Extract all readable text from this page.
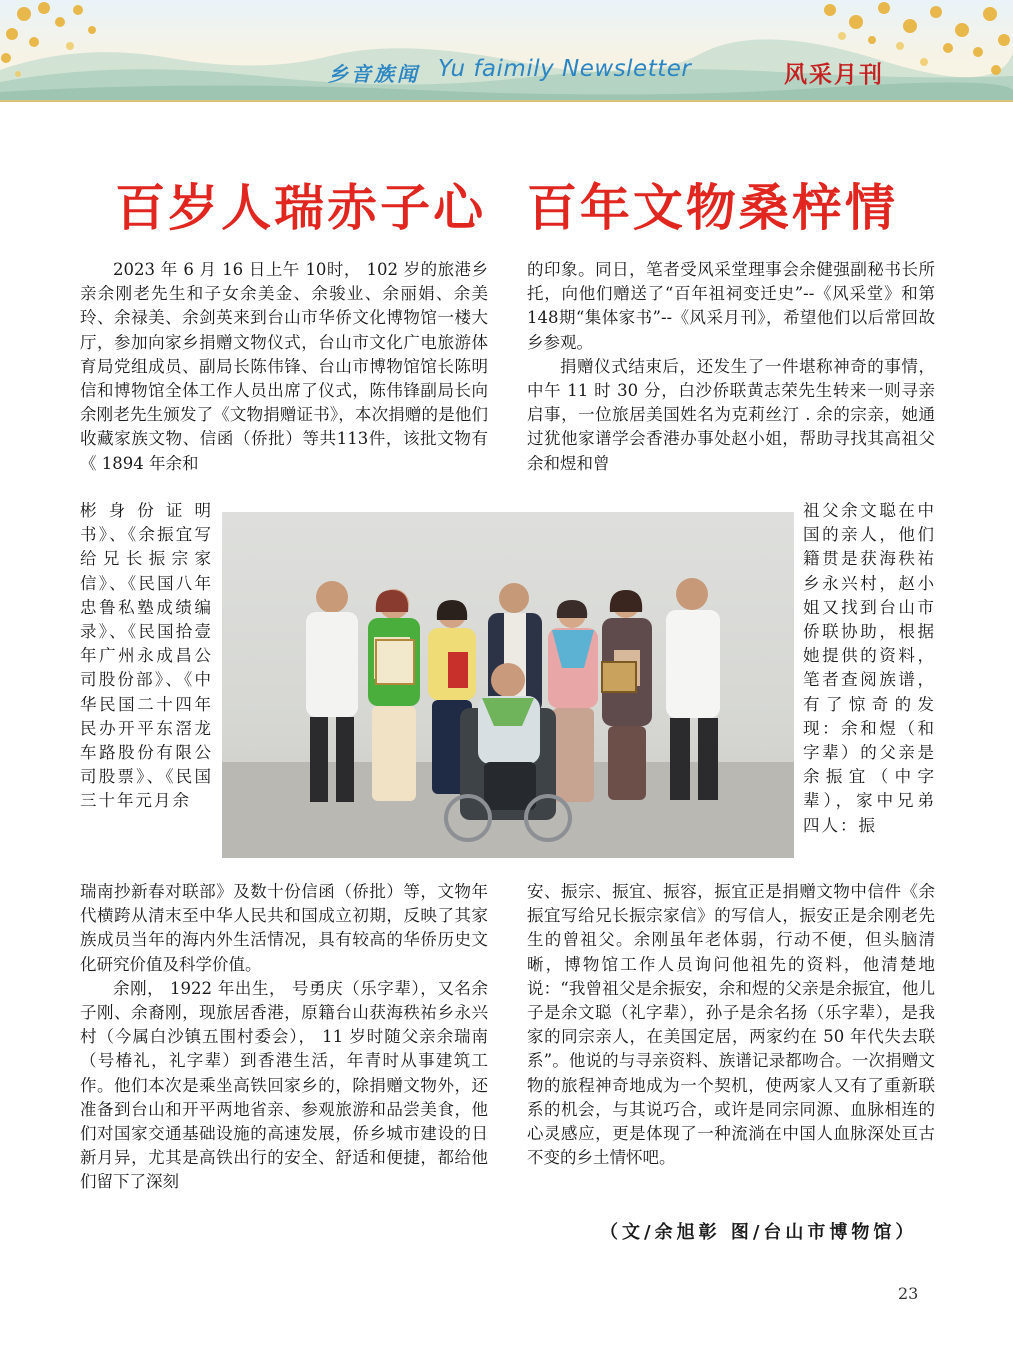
乡音族闻 Yu faimily Newsletter	风采月刊
百岁人瑞赤子心  百年文物桑梓情

2023 年 6 月 16 日上午 10时， 102 岁的旅港乡亲余刚老先生和子女余美金、余骏业、余丽娟、余美玲、余禄美、余剑英来到台山市华侨文化博物馆一楼大厅，参加向家乡捐赠文物仪式，台山市文化广电旅游体育局党组成员、副局长陈伟锋、台山市博物馆馆长陈明信和博物馆全体工作人员出席了仪式，陈伟锋副局长向余刚老先生颁发了《文物捐赠证书》，本次捐赠的是他们收藏家族文物、信函（侨批）等共113件，该批文物有《 1894 年余和

彬身份证明书》、《余振宜写给兄长振宗家信》、《民国八年忠鲁私塾成绩编录》、《民国拾壹年广州永成昌公司股份部》、《中华民国二十四年民办开平东滘龙车路股份有限公司股票》、《民国三十年元月余

瑞南抄新春对联部》及数十份信函（侨批）等，文物年代横跨从清末至中华人民共和国成立初期，反映了其家族成员当年的海内外生活情况，具有较高的华侨历史文化研究价值及科学价值。

余刚， 1922 年出生， 号勇庆（乐字辈），又名余子刚、余裔刚，现旅居香港，原籍台山获海秩祐乡永兴村（今属白沙镇五围村委会）， 11 岁时随父亲余瑞南（号椿礼，礼字辈）到香港生活，年青时从事建筑工作。他们本次是乘坐高铁回家乡的，除捐赠文物外，还准备到台山和开平两地省亲、参观旅游和品尝美食，他们对国家交通基础设施的高速发展，侨乡城市建设的日新月异，尤其是高铁出行的安全、舒适和便捷，都给他们留下了深刻

的印象。同日，笔者受风采堂理事会余健强副秘书长所托，向他们赠送了“百年祖祠变迁史”--《风采堂》和第148期“集体家书”--《风采月刊》，希望他们以后常回故乡参观。

捐赠仪式结束后，还发生了一件堪称神奇的事情，中午 11 时 30 分，白沙侨联黄志荣先生转来一则寻亲启事，一位旅居美国姓名为克莉丝汀 . 余的宗亲，她通过犹他家谱学会香港办事处赵小姐，帮助寻找其高祖父余和煜和曾

祖父余文聪在中国的亲人，他们籍贯是获海秩祐乡永兴村，赵小姐又找到台山市侨联协助，根据她提供的资料，笔者查阅族谱，有了惊奇的发现：余和煜（和字辈）的父亲是余振宜（中字辈），家中兄弟四人：振

安、振宗、振宜、振容，振宜正是捐赠文物中信件《余振宜写给兄长振宗家信》的写信人，振安正是余刚老先生的曾祖父。余刚虽年老体弱，行动不便，但头脑清晰，博物馆工作人员询问他祖先的资料，他清楚地说：“我曾祖父是余振安，余和煜的父亲是余振宜，他儿子是余文聪（礼字辈），孙子是余名扬（乐字辈），是我家的同宗亲人，在美国定居，两家约在 50 年代失去联系”。他说的与寻亲资料、族谱记录都吻合。一次捐赠文物的旅程神奇地成为一个契机，使两家人又有了重新联系的机会，与其说巧合，或许是同宗同源、血脉相连的心灵感应，更是体现了一种流淌在中国人血脉深处亘古不变的乡土情怀吧。

（文/余旭彰 图/台山市博物馆）
23
